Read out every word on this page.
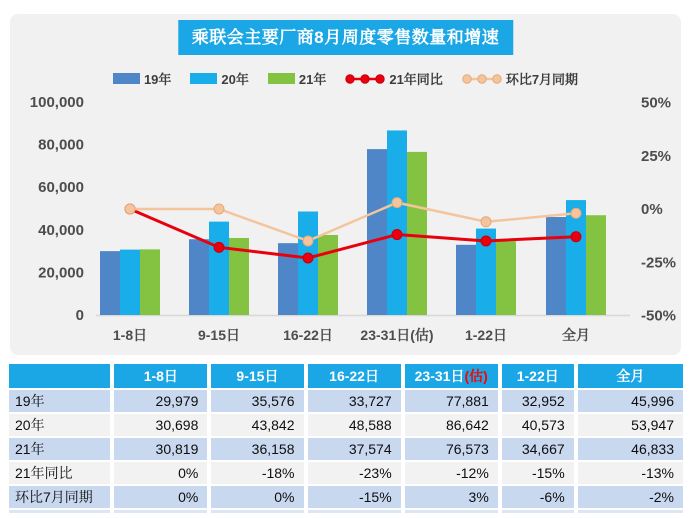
乘联会主要厂商8月周度零售数量和增速
19年	20年	21年	21年同比	环比7月同期
100,000
80,000
60,000
40,000
20,000
0
50%
25%
0%
-25%
-50%
1-8日	9-15日	16-22日 23-31日(估) 1-22日	全月
	1-8日	9-15日	16-22日	23-31日(估)	1-22日	全月
19年	29,979	35,576	33,727	77,881	32,952	45,996
20年	30,698	43,842	48,588	86,642	40,573	53,947
21年	30,819	36,158	37,574	76,573	34,667	46,833
21年同比	0%	-18%	-23%	-12%	-15%	-13%
环比7月同期	0%	0%	-15%	3%	-6%	-2%
